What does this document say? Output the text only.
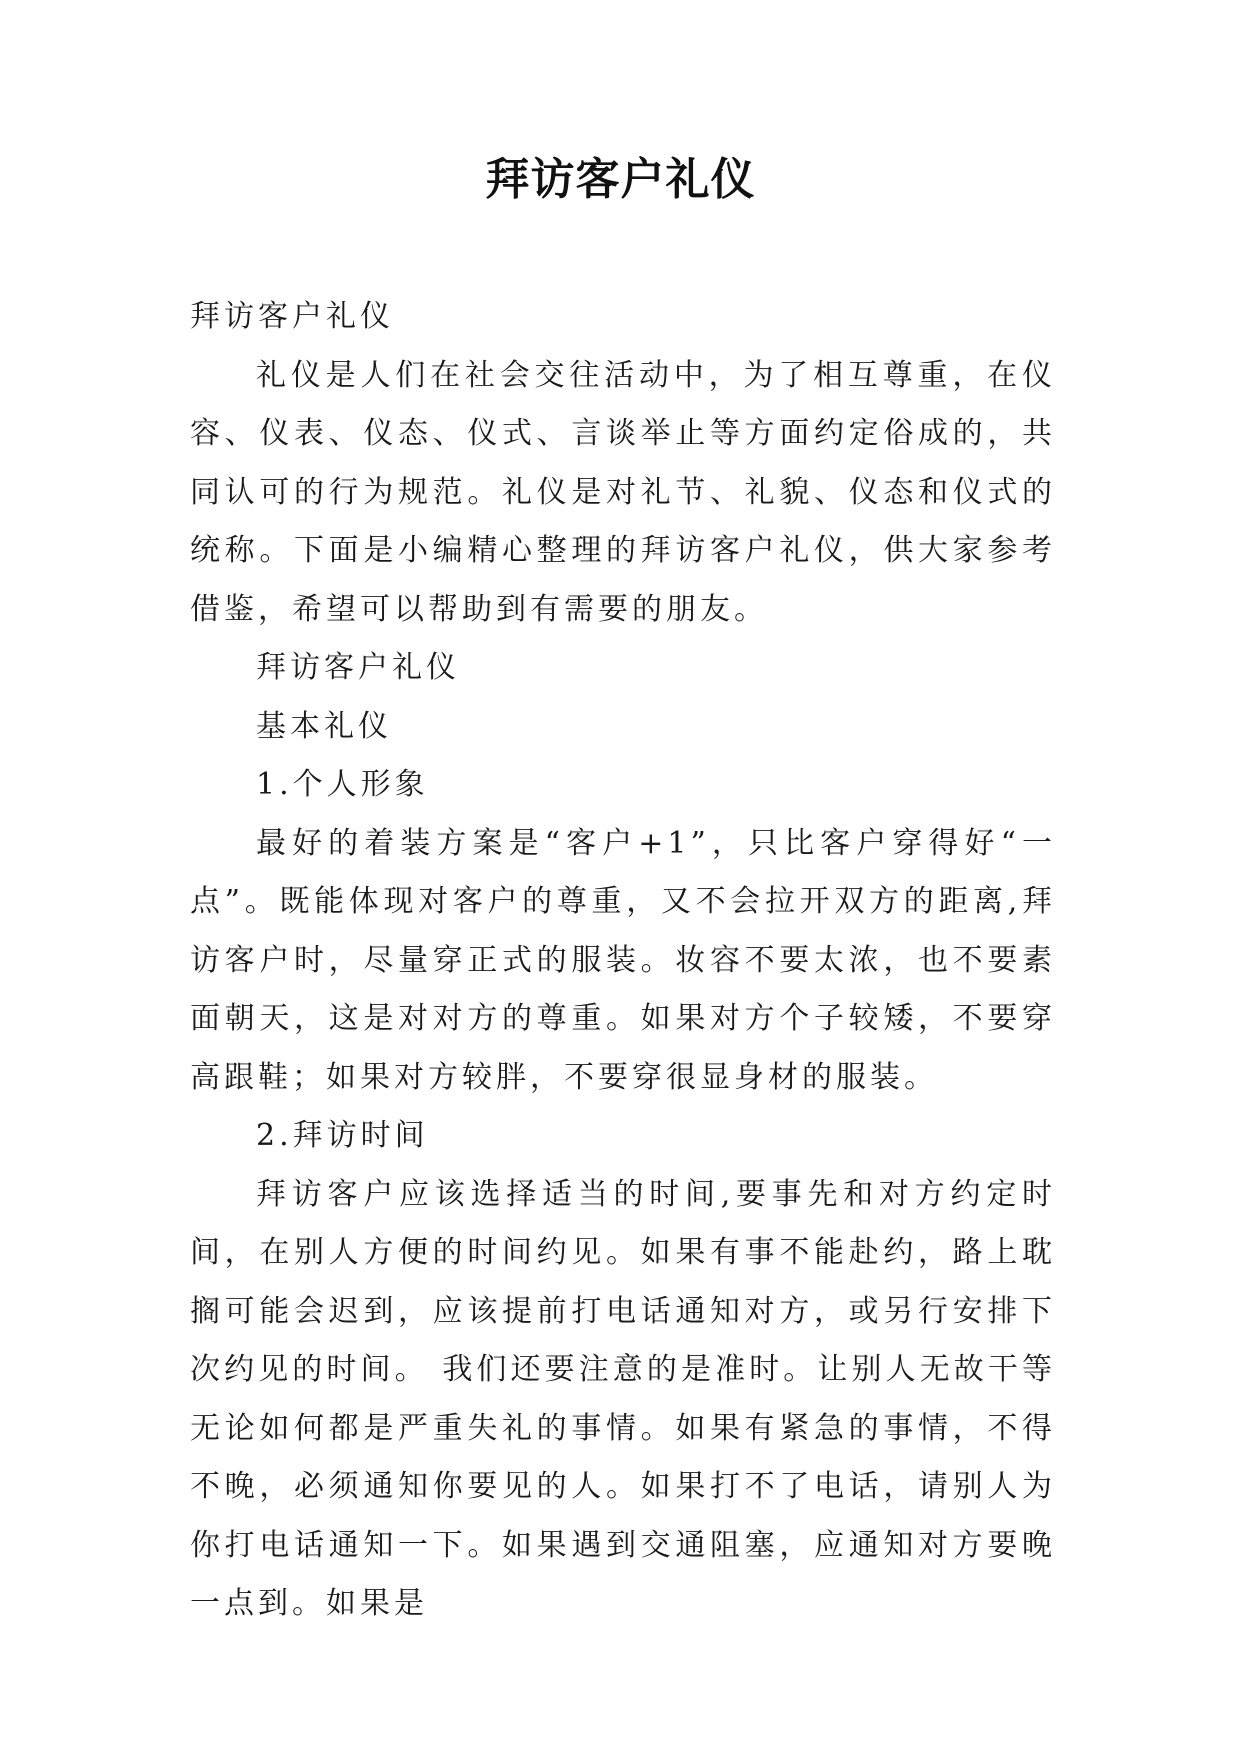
拜访客户礼仪

拜访客户礼仪

礼仪是人们在社会交往活动中，为了相互尊重，在仪容、仪表、仪态、仪式、言谈举止等方面约定俗成的，共同认可的行为规范。礼仪是对礼节、礼貌、仪态和仪式的统称。下面是小编精心整理的拜访客户礼仪，供大家参考借鉴，希望可以帮助到有需要的朋友。

拜访客户礼仪

基本礼仪

1.个人形象

最好的着装方案是“客户+1”，只比客户穿得好“一点”。既能体现对客户的尊重，又不会拉开双方的距离,拜访客户时，尽量穿正式的服装。妆容不要太浓，也不要素面朝天，这是对对方的尊重。如果对方个子较矮，不要穿高跟鞋；如果对方较胖，不要穿很显身材的服装。

2.拜访时间

拜访客户应该选择适当的时间,要事先和对方约定时间，在别人方便的时间约见。如果有事不能赴约，路上耽搁可能会迟到，应该提前打电话通知对方，或另行安排下次约见的时间。 我们还要注意的是准时。让别人无故干等无论如何都是严重失礼的事情。如果有紧急的事情，不得不晚，必须通知你要见的人。如果打不了电话，请别人为你打电话通知一下。如果遇到交通阻塞，应通知对方要晚一点到。如果是
